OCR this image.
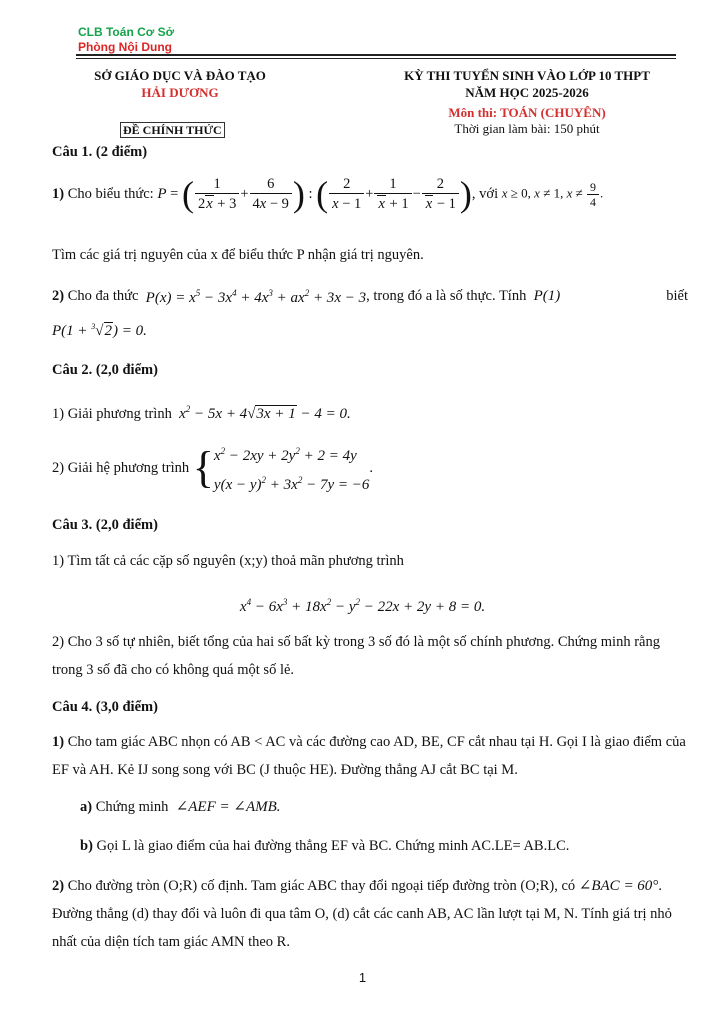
CLB Toán Cơ Sở
Phòng Nội Dung
SỞ GIÁO DỤC VÀ ĐÀO TẠO
HẢI DƯƠNG
ĐỀ CHÍNH THỨC
KỲ THI TUYỂN SINH VÀO LỚP 10 THPT
NĂM HỌC 2025-2026
Môn thi: TOÁN (CHUYÊN)
Thời gian làm bài: 150 phút
Câu 1. (2 điểm)
1)
Cho biểu thức:
P = ( $\frac{1}{2x + 3} + \frac{6}{4x - 9}$ ) : ( $\frac{2}{x - 1} + \frac{1}{x + 1} - \frac{2}{x - 1}$ ) , với
x ≥ 0, x ≠ 1, $x \ne \frac{9}{4}$ .
Tìm các giá trị nguyên của x để biểu thức P nhận giá trị nguyên.
2)
Cho đa thức
$P(x) = x^5 - 3x^4 + 4x^3 + ax^2 + 3x - 3$ , trong đó a là số thực. Tính
P(1)	biết
P(1 + $^3$√2) = 0.
Câu 2. (2,0 điểm)
1) Giải phương trình $x^2 - 5x + 4√3x + 1 - 4 = 0$.
2) Giải hệ phương trình
{ $x^2 - 2xy + 2y^2 + 2 = 4y$
$y(x - y)^2 + 3x^2 - 7y = -6$
.
Câu 3. (2,0 điểm)
1) Tìm tất cả các cặp số nguyên (x;y) thoả mãn phương trình
$x^4 - 6x^3 + 18x^2 - y^2 - 22x + 2y + 8 = 0$.
2) Cho 3 số tự nhiên, biết tổng của hai số bất kỳ trong 3 số đó là một số chính phương. Chứng minh rằng trong 3 số đã cho có không quá một số lẻ.
Câu 4. (3,0 điểm)
1) Cho tam giác ABC nhọn có AB < AC và các đường cao AD, BE, CF cắt nhau tại H. Gọi I là giao điểm của EF và AH. Kẻ IJ song song với BC (J thuộc HE). Đường thẳng AJ cắt BC tại M.
a) Chứng minh ∠AEF = ∠AMB.
b) Gọi L là giao điểm của hai đường thẳng EF và BC. Chứng minh AC.LE= AB.LC.
2) Cho đường tròn (O;R) cố định. Tam giác ABC thay đổi ngoại tiếp đường tròn (O;R), có ∠BAC = 60°. Đường thẳng (d) thay đổi và luôn đi qua tâm O, (d) cắt các canh AB, AC lần lượt tại M, N. Tính giá trị nhỏ nhất của diện tích tam giác AMN theo R.
1
